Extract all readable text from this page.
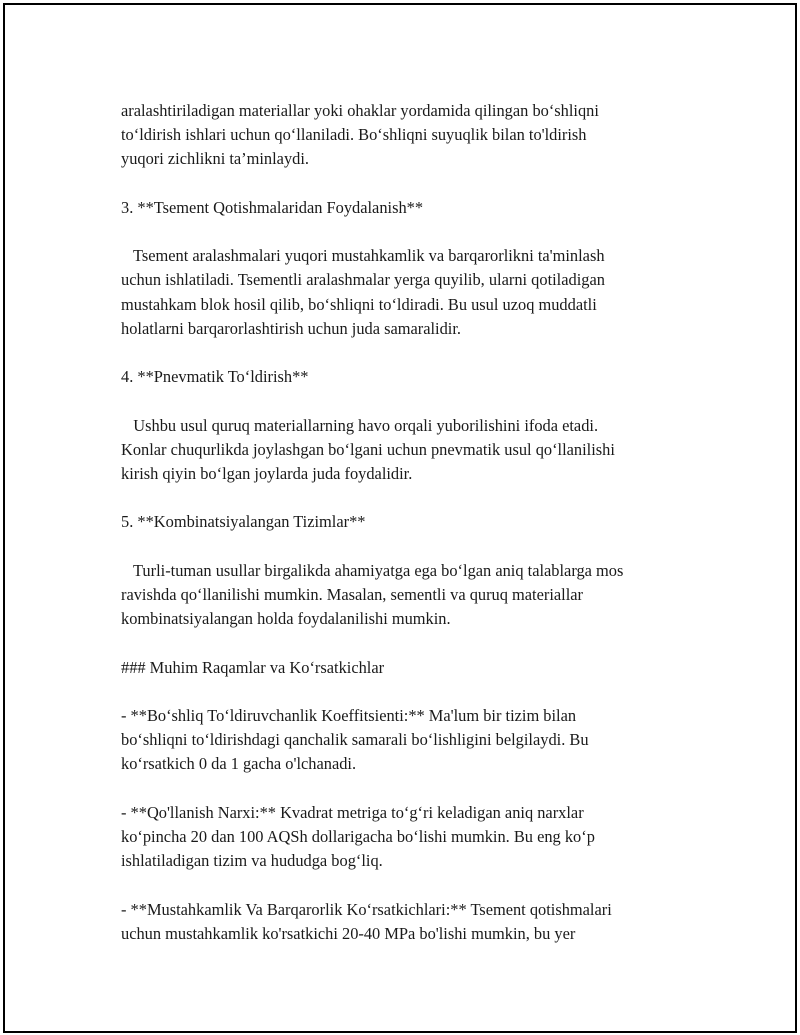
aralashtiriladigan materiallar yoki ohaklar yordamida qilingan bo‘shliqni
to‘ldirish ishlari uchun qo‘llaniladi. Bo‘shliqni suyuqlik bilan to'ldirish
yuqori zichlikni ta’minlaydi.

3. **Tsement Qotishmalaridan Foydalanish**

Tsement aralashmalari yuqori mustahkamlik va barqarorlikni ta'minlash
uchun ishlatiladi. Tsementli aralashmalar yerga quyilib, ularni qotiladigan
mustahkam blok hosil qilib, bo‘shliqni to‘ldiradi. Bu usul uzoq muddatli
holatlarni barqarorlashtirish uchun juda samaralidir.

4. **Pnevmatik To‘ldirish**

Ushbu usul quruq materiallarning havo orqali yuborilishini ifoda etadi.
Konlar chuqurlikda joylashgan bo‘lgani uchun pnevmatik usul qo‘llanilishi
kirish qiyin bo‘lgan joylarda juda foydalidir.

5. **Kombinatsiyalangan Tizimlar**

Turli-tuman usullar birgalikda ahamiyatga ega bo‘lgan aniq talablarga mos
ravishda qo‘llanilishi mumkin. Masalan, sementli va quruq materiallar
kombinatsiyalangan holda foydalanilishi mumkin.

### Muhim Raqamlar va Ko‘rsatkichlar

- **Bo‘shliq To‘ldiruvchanlik Koeffitsienti:** Ma'lum bir tizim bilan
bo‘shliqni to‘ldirishdagi qanchalik samarali bo‘lishligini belgilaydi. Bu
ko‘rsatkich 0 da 1 gacha o'lchanadi.

- **Qo'llanish Narxi:** Kvadrat metriga to‘g‘ri keladigan aniq narxlar
ko‘pincha 20 dan 100 AQSh dollarigacha bo‘lishi mumkin. Bu eng ko‘p
ishlatiladigan tizim va hududga bog‘liq.

- **Mustahkamlik Va Barqarorlik Ko‘rsatkichlari:** Tsement qotishmalari
uchun mustahkamlik ko'rsatkichi 20-40 MPa bo'lishi mumkin, bu yer
